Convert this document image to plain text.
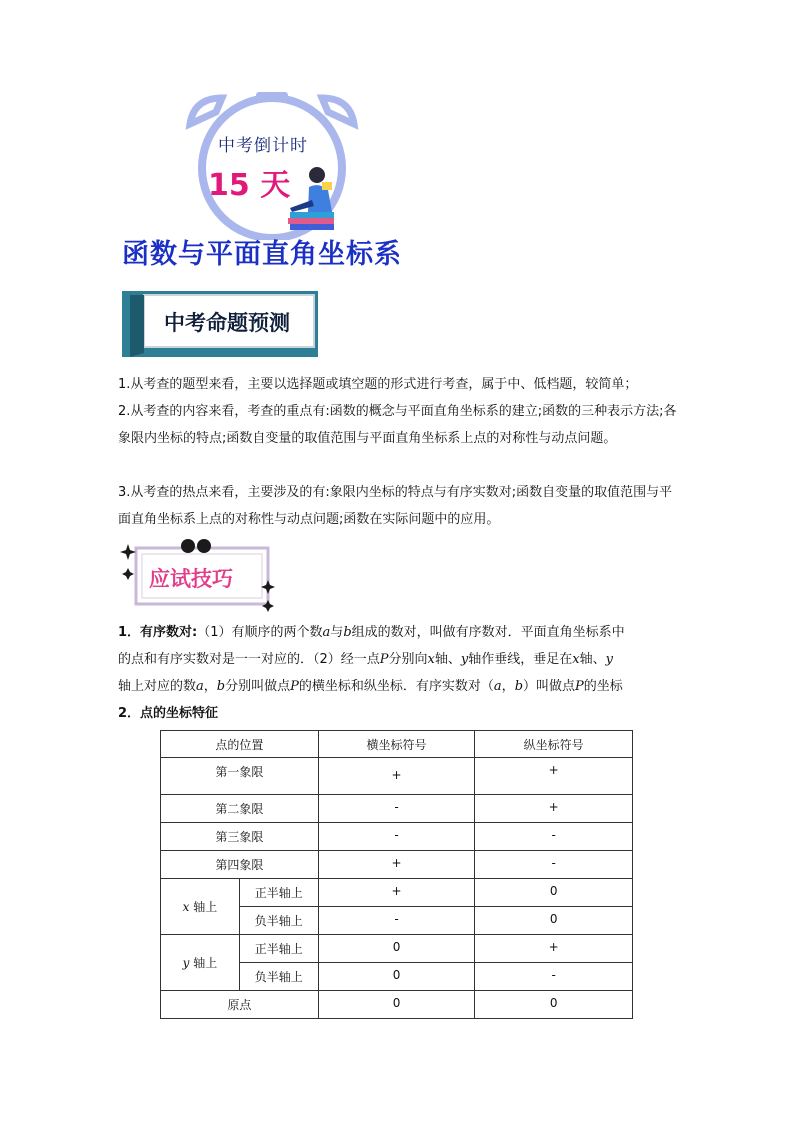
中考倒计时
15 天
函数与平面直角坐标系
中考命题预测
1.从考查的题型来看，主要以选择题或填空题的形式进行考查，属于中、低档题，较简单；
2.从考查的内容来看，考查的重点有:函数的概念与平面直角坐标系的建立;函数的三种表示方法;各象限内坐标的特点;函数自变量的取值范围与平面直角坐标系上点的对称性与动点问题。
3.从考查的热点来看，主要涉及的有:象限内坐标的特点与有序实数对;函数自变量的取值范围与平面直角坐标系上点的对称性与动点问题;函数在实际问题中的应用。
应试技巧
1．有序数对:（1）有顺序的两个数a与b组成的数对，叫做有序数对．平面直角坐标系中
的点和有序实数对是一一对应的．（2）经一点P分别向x轴、y轴作垂线，垂足在x轴、y
轴上对应的数a，b分别叫做点P的横坐标和纵坐标．有序实数对（a，b）叫做点P的坐标
2．点的坐标特征
点的位置		横坐标符号	纵坐标符号
第一象限		+	+
第二象限		-	+
第三象限		-	-
第四象限		+	-
x 轴上	正半轴上	+	0
	负半轴上	-	0
y 轴上	正半轴上	0	+
	负半轴上	0	-
原点		0	0
